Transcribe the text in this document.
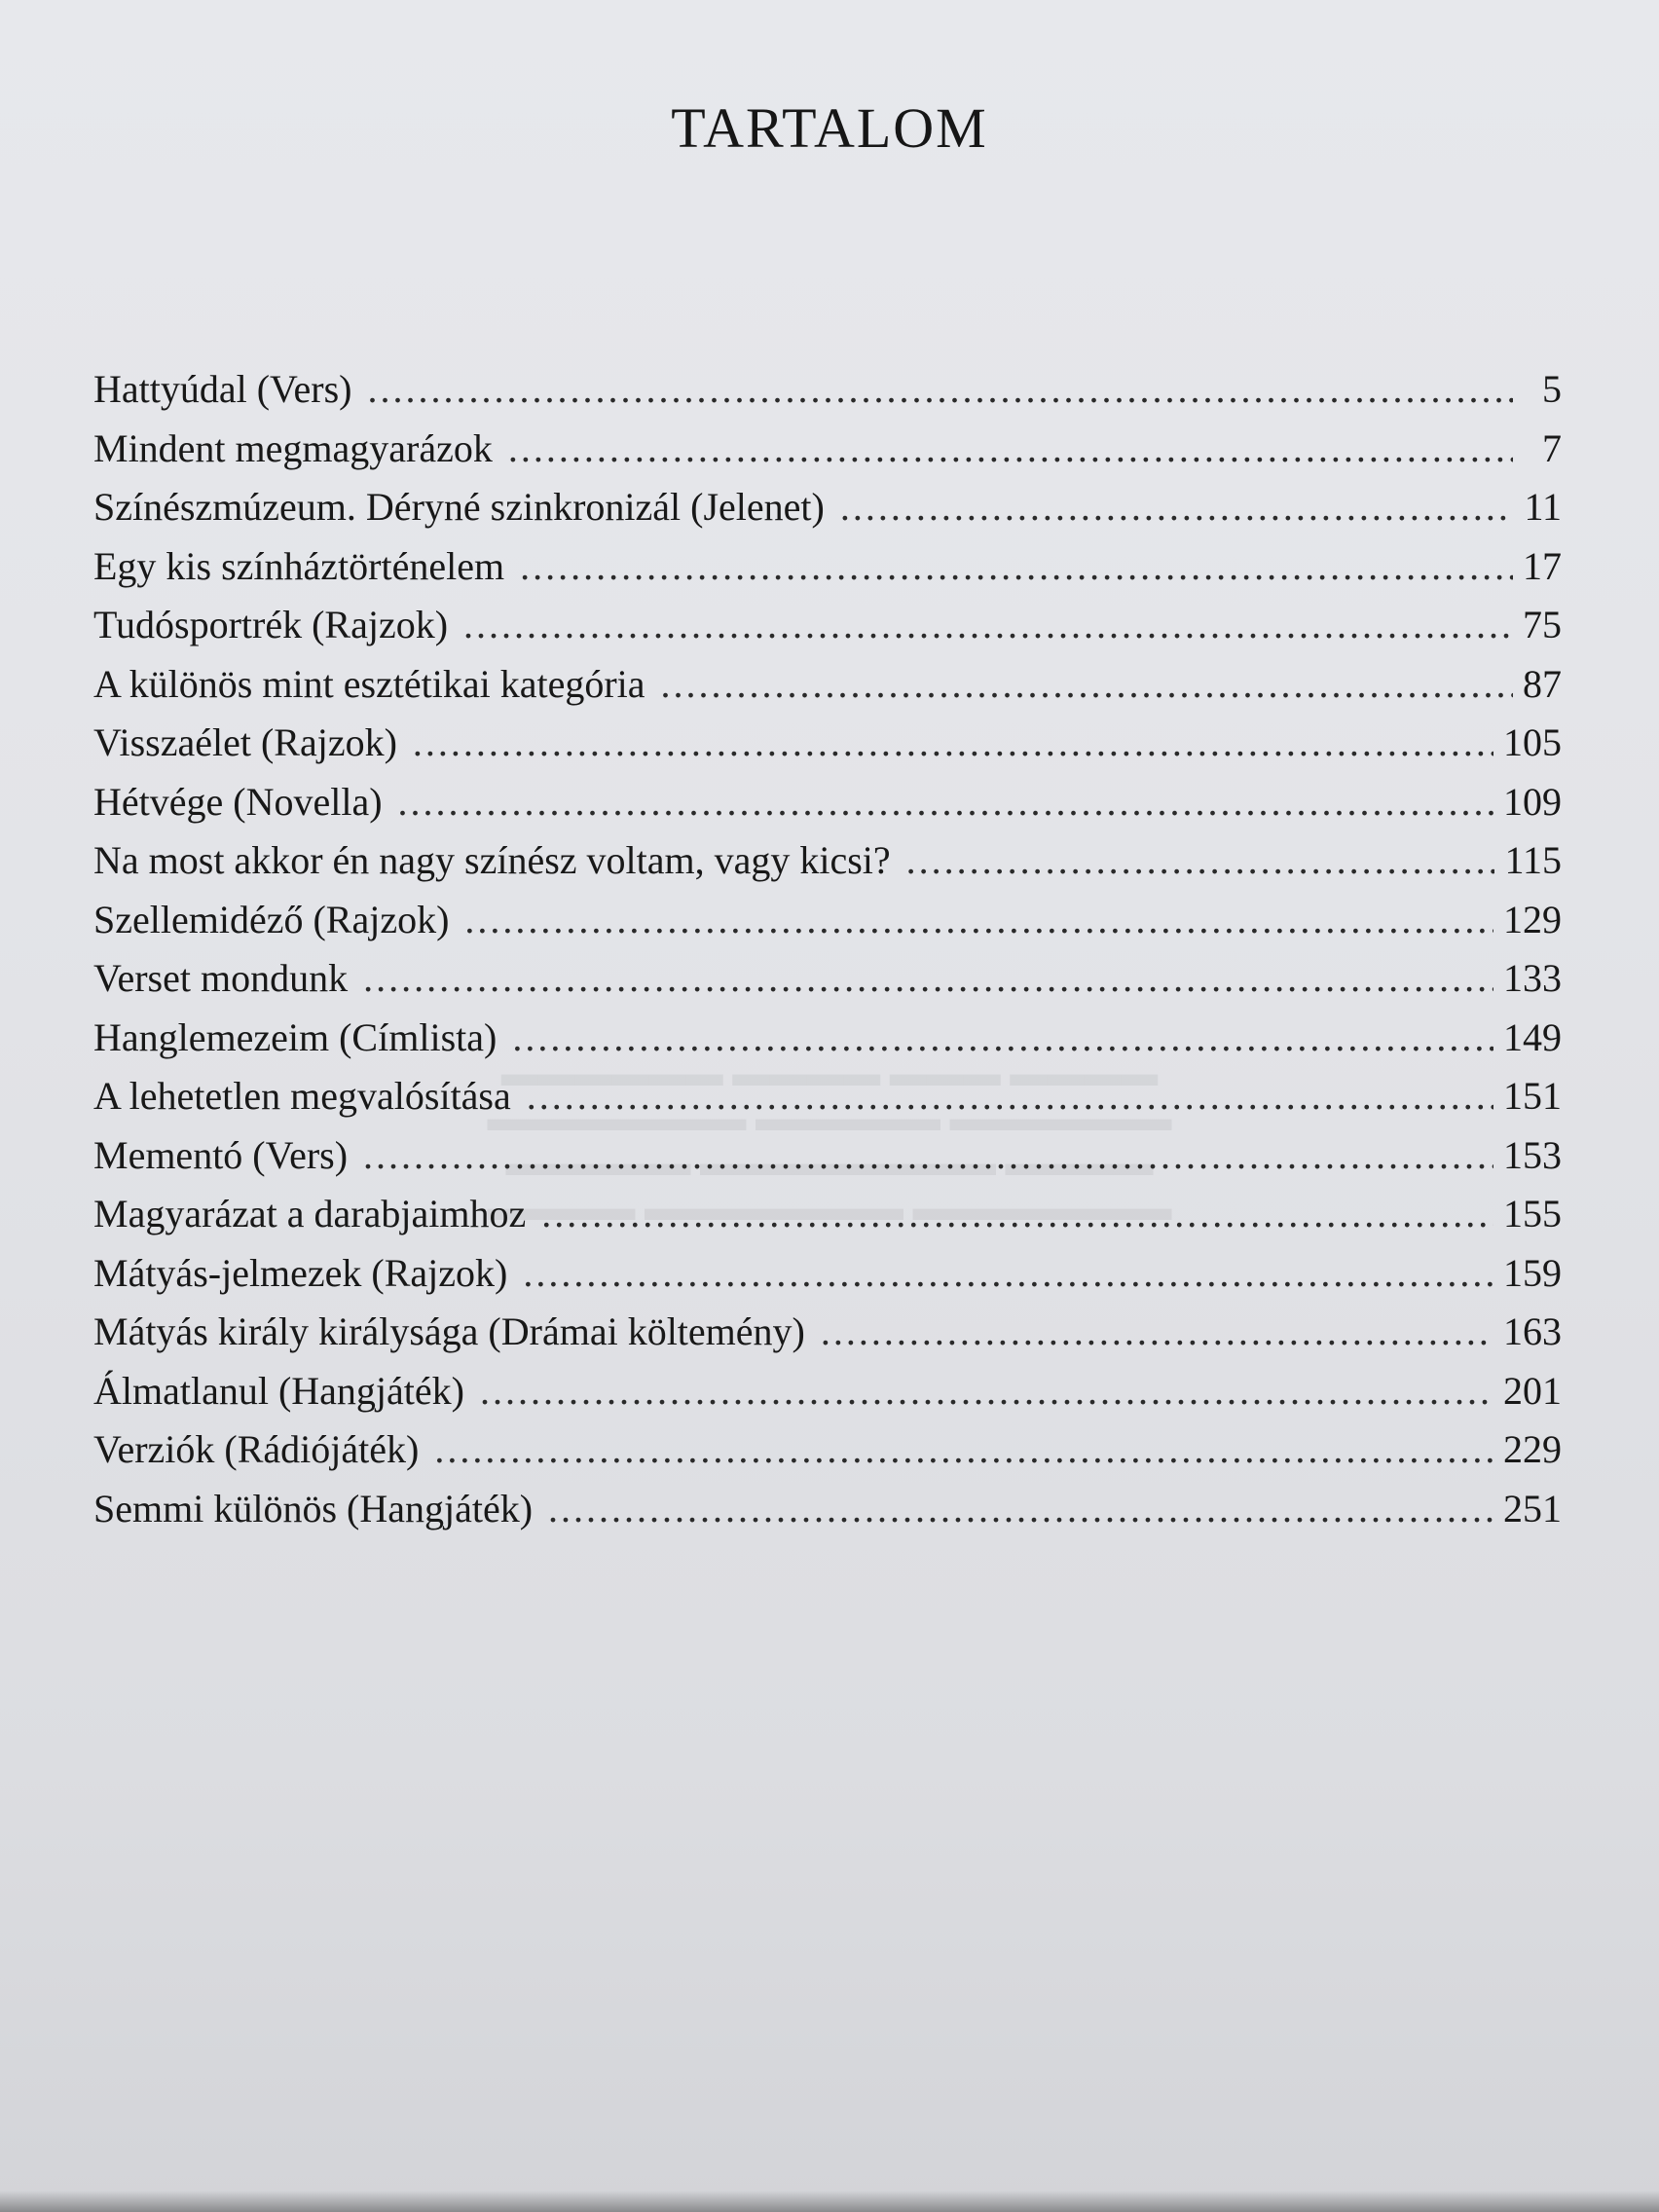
▬▬▬▬▬▬ ▬▬▬▬ ▬▬▬ ▬▬▬▬
▬▬▬▬▬▬▬ ▬▬▬▬▬ ▬▬▬▬▬▬
▬▬▬▬▬ ▬▬▬▬▬▬▬▬ ▬▬▬▬
▬▬▬▬ ▬▬▬▬▬▬▬ ▬▬▬▬▬▬▬
TARTALOM
Hattyúdal (Vers) .....	5
Mindent megmagyarázok .....	7
Színészmúzeum. Déryné szinkronizál (Jelenet) .....	11
Egy kis színháztörténelem .....	17
Tudósportrék (Rajzok) .....	75
A különös mint esztétikai kategória .....	87
Visszaélet (Rajzok) .....	105
Hétvége (Novella) .....	109
Na most akkor én nagy színész voltam, vagy kicsi? .....	115
Szellemidéző (Rajzok) .....	129
Verset mondunk .....	133
Hanglemezeim (Címlista) .....	149
A lehetetlen megvalósítása .....	151
Mementó (Vers) .....	153
Magyarázat a darabjaimhoz .....	155
Mátyás-jelmezek (Rajzok) .....	159
Mátyás király királysága (Drámai költemény) .....	163
Álmatlanul (Hangjáték) .....	201
Verziók (Rádiójáték) .....	229
Semmi különös (Hangjáték) .....	251
